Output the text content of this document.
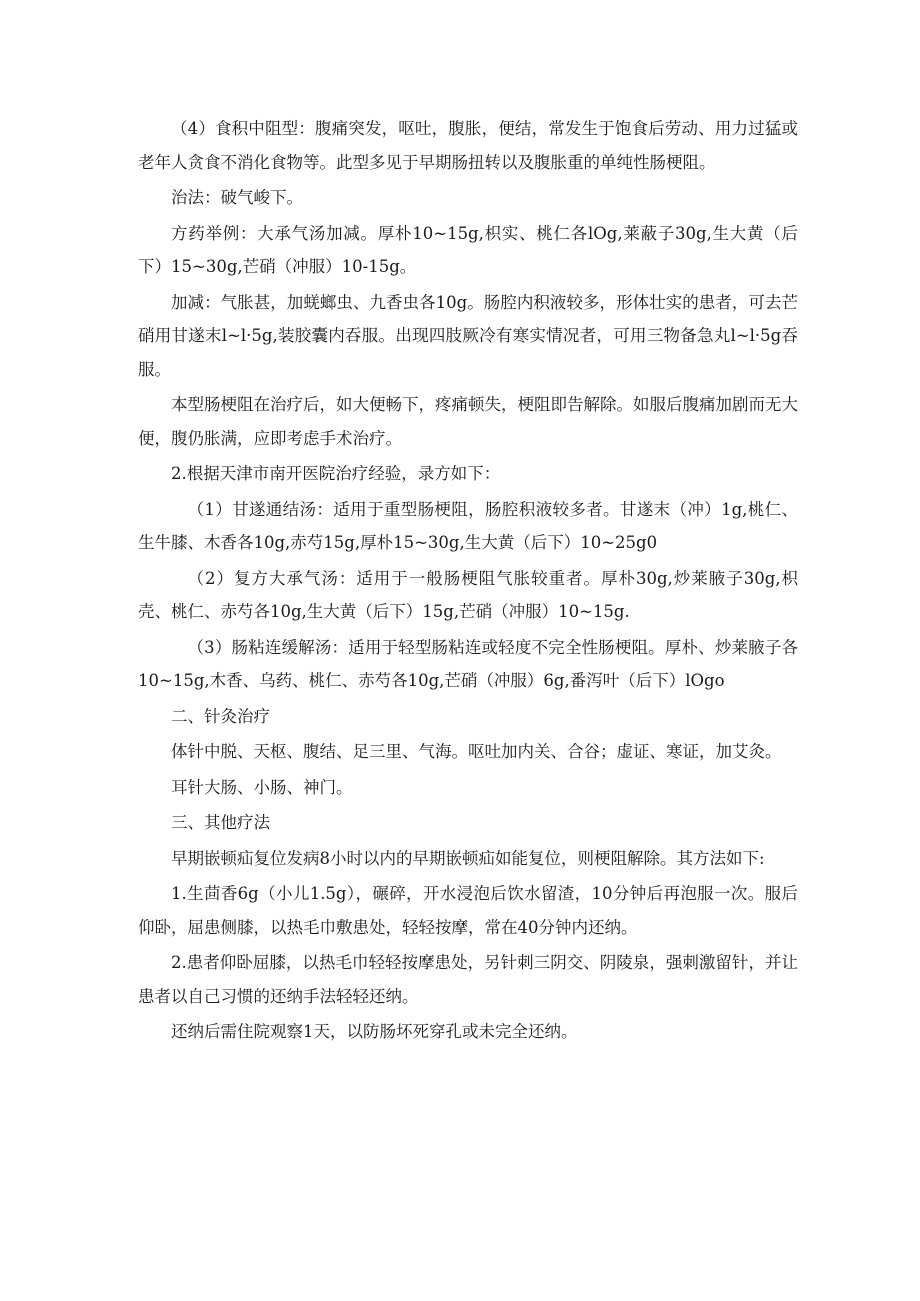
（4）食积中阻型：腹痛突发，呕吐，腹胀，便结，常发生于饱食后劳动、用力过猛或老年人贪食不消化食物等。此型多见于早期肠扭转以及腹胀重的单纯性肠梗阻。

治法：破气峻下。

方药举例：大承气汤加减。厚朴10~15g,枳实、桃仁各lOg,莱蔽子30g,生大黄（后下）15~30g,芒硝（冲服）10-15g。

加减：气胀甚，加蜣螂虫、九香虫各10g。肠腔内积液较多，形体壮实的患者，可去芒硝用甘遂末l~l·5g,装胶囊内吞服。出现四肢厥冷有寒实情况者，可用三物备急丸l~l·5g吞服。

本型肠梗阻在治疗后，如大便畅下，疼痛顿失，梗阻即告解除。如服后腹痛加剧而无大便，腹仍胀满，应即考虑手术治疗。

2.根据天津市南开医院治疗经验，录方如下：

（1）甘遂通结汤：适用于重型肠梗阻，肠腔积液较多者。甘遂末（冲）1g,桃仁、生牛膝、木香各10g,赤芍15g,厚朴15~30g,生大黄（后下）10~25g0

（2）复方大承气汤：适用于一般肠梗阻气胀较重者。厚朴30g,炒莱腋子30g,枳壳、桃仁、赤芍各10g,生大黄（后下）15g,芒硝（冲服）10~15g.

（3）肠粘连缓解汤：适用于轻型肠粘连或轻度不完全性肠梗阻。厚朴、炒莱腋子各10~15g,木香、乌药、桃仁、赤芍各10g,芒硝（冲服）6g,番泻叶（后下）lOgo

二、针灸治疗

体针中脱、天枢、腹结、足三里、气海。呕吐加内关、合谷；虚证、寒证，加艾灸。

耳针大肠、小肠、神门。

三、其他疗法

早期嵌顿疝复位发病8小时以内的早期嵌顿疝如能复位，则梗阻解除。其方法如下:

1.生茴香6g（小儿1.5g），碾碎，开水浸泡后饮水留渣，10分钟后再泡服一次。服后仰卧，屈患侧膝，以热毛巾敷患处，轻轻按摩，常在40分钟内还纳。

2.患者仰卧屈膝，以热毛巾轻轻按摩患处，另针刺三阴交、阴陵泉，强刺激留针，并让患者以自己习惯的还纳手法轻轻还纳。

还纳后需住院观察1天，以防肠坏死穿孔或未完全还纳。
